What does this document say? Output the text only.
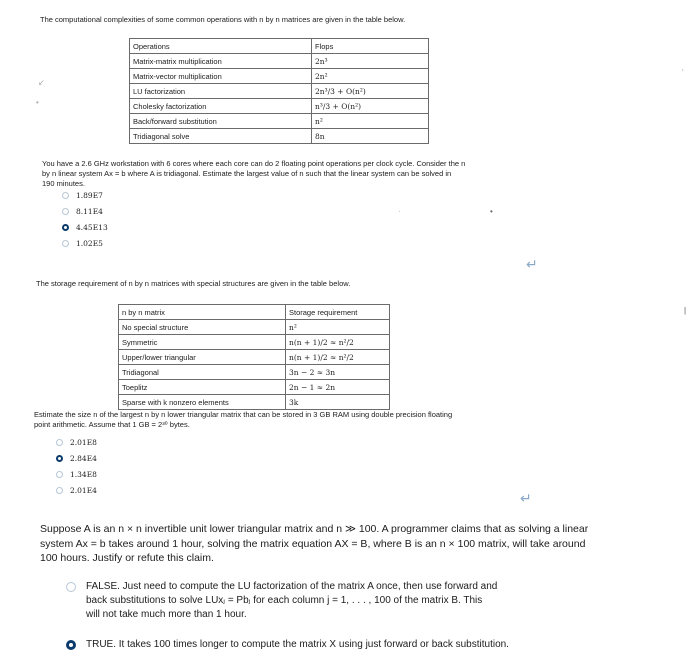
The computational complexities of some common operations with n by n matrices are given in the table below.
Operations	Flops
Matrix-matrix multiplication	2n³
Matrix-vector multiplication	2n²
LU factorization	2n³/3 + O(n²)
Cholesky factorization	n³/3 + O(n²)
Back/forward substitution	n²
Tridiagonal solve	8n
↙
•
'
You have a 2.6 GHz workstation with 6 cores where each core can do 2 floating point operations per clock cycle. Consider the n
by n linear system Ax = b where A is tridiagonal. Estimate the largest value of n such that the linear system can be solved in
190 minutes.
1.89E7
8.11E4
4.45E13
1.02E5
·	•
↵
The storage requirement of n by n matrices with special structures are given in the table below.
n by n matrix	Storage requirement
No special structure	n²
Symmetric	n(n + 1)/2 ≈ n²/2
Upper/lower triangular	n(n + 1)/2 ≈ n²/2
Tridiagonal	3n − 2 ≈ 3n
Toeplitz	2n − 1 ≈ 2n
Sparse with k nonzero elements	3k
|
Estimate the size n of the largest n by n lower triangular matrix that can be stored in 3 GB RAM using double precision floating
point arithmetic. Assume that 1 GB = 2³⁰ bytes.
2.01E8
2.84E4
1.34E8
2.01E4	↵
Suppose A is an n × n invertible unit lower triangular matrix and n ≫ 100. A programmer claims that as solving a linear
system Ax = b takes around 1 hour, solving the matrix equation AX = B, where B is an n × 100 matrix, will take around
100 hours. Justify or refute this claim.
FALSE. Just need to compute the LU factorization of the matrix A once, then use forward and
back substitutions to solve LUxⱼ = Pbⱼ for each column j = 1, . . . , 100 of the matrix B. This
will not take much more than 1 hour.
TRUE. It takes 100 times longer to compute the matrix X using just forward or back substitution.
